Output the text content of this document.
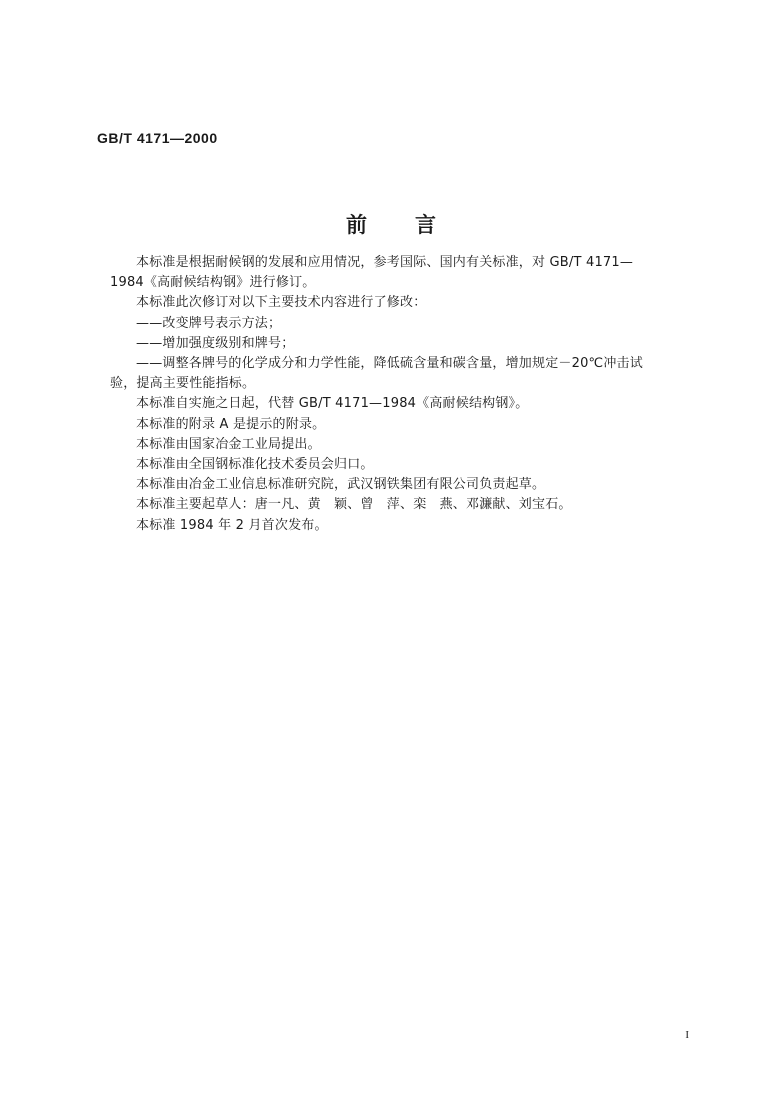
GB/T 4171—2000
前 言

本标准是根据耐候钢的发展和应用情况，参考国际、国内有关标准，对 GB/T 4171—1984《高耐候结构钢》进行修订。

本标准此次修订对以下主要技术内容进行了修改：

——改变牌号表示方法；

——增加强度级别和牌号；

——调整各牌号的化学成分和力学性能，降低硫含量和碳含量，增加规定－20℃冲击试验，提高主要性能指标。

本标准自实施之日起，代替 GB/T 4171—1984《高耐候结构钢》。

本标准的附录 A 是提示的附录。

本标准由国家冶金工业局提出。

本标准由全国钢标准化技术委员会归口。

本标准由冶金工业信息标准研究院，武汉钢铁集团有限公司负责起草。

本标准主要起草人：唐一凡、黄　颖、曾　萍、栾　燕、邓濂献、刘宝石。

本标准 1984 年 2 月首次发布。

I
